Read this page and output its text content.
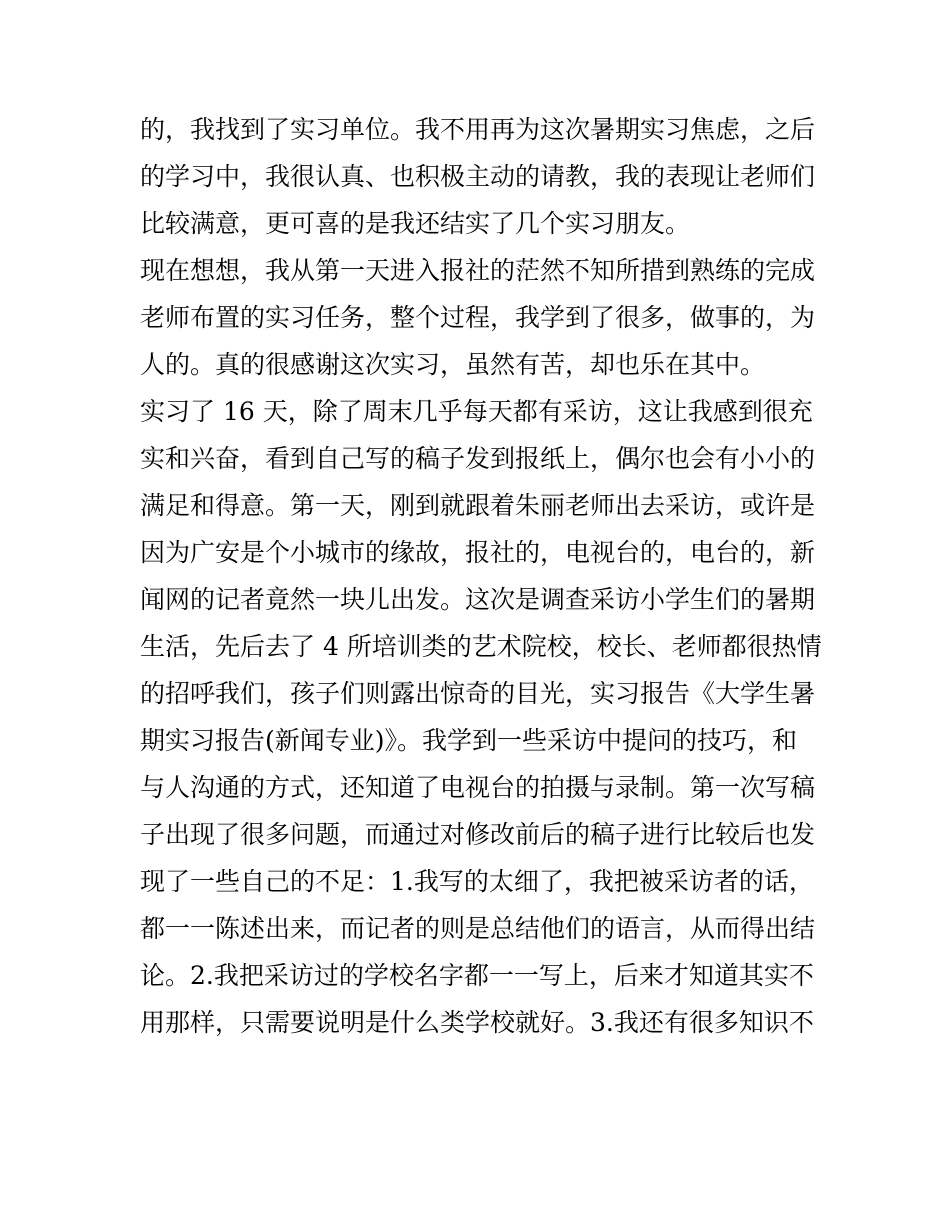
的，我找到了实习单位。我不用再为这次暑期实习焦虑，之后
的学习中，我很认真、也积极主动的请教，我的表现让老师们
比较满意，更可喜的是我还结实了几个实习朋友。
现在想想，我从第一天进入报社的茫然不知所措到熟练的完成
老师布置的实习任务，整个过程，我学到了很多，做事的，为
人的。真的很感谢这次实习，虽然有苦，却也乐在其中。
实习了 16 天，除了周末几乎每天都有采访，这让我感到很充
实和兴奋，看到自己写的稿子发到报纸上，偶尔也会有小小的
满足和得意。第一天，刚到就跟着朱丽老师出去采访，或许是
因为广安是个小城市的缘故，报社的，电视台的，电台的，新
闻网的记者竟然一块儿出发。这次是调查采访小学生们的暑期
生活，先后去了 4 所培训类的艺术院校，校长、老师都很热情
的招呼我们，孩子们则露出惊奇的目光，实习报告《大学生暑
期实习报告(新闻专业)》。我学到一些采访中提问的技巧，和
与人沟通的方式，还知道了电视台的拍摄与录制。第一次写稿
子出现了很多问题，而通过对修改前后的稿子进行比较后也发
现了一些自己的不足：1.我写的太细了，我把被采访者的话，
都一一陈述出来，而记者的则是总结他们的语言，从而得出结
论。2.我把采访过的学校名字都一一写上，后来才知道其实不
用那样，只需要说明是什么类学校就好。3.我还有很多知识不
